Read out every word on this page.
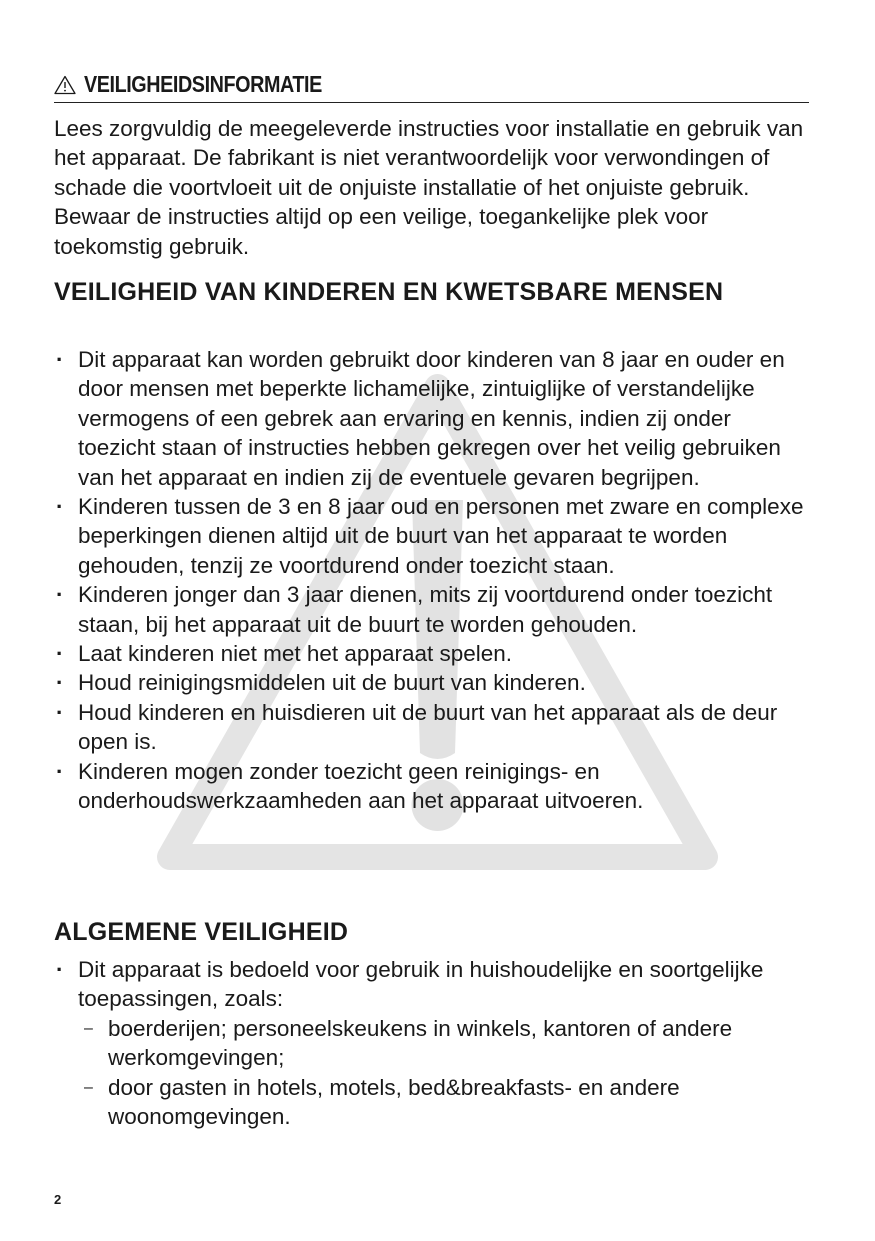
VEILIGHEIDSINFORMATIE

Lees zorgvuldig de meegeleverde instructies voor installatie en gebruik van het apparaat. De fabrikant is niet verantwoordelijk voor verwondingen of schade die voortvloeit uit de onjuiste installatie of het onjuiste gebruik. Bewaar de instructies altijd op een veilige, toegankelijke plek voor toekomstig gebruik.

VEILIGHEID VAN KINDEREN EN KWETSBARE MENSEN
· Dit apparaat kan worden gebruikt door kinderen van 8 jaar en ouder en door mensen met beperkte lichamelijke, zintuiglijke of verstandelijke vermogens of een gebrek aan ervaring en kennis, indien zij onder toezicht staan of instructies hebben gekregen over het veilig gebruiken van het apparaat en indien zij de eventuele gevaren begrijpen.
· Kinderen tussen de 3 en 8 jaar oud en personen met zware en complexe beperkingen dienen altijd uit de buurt van het apparaat te worden gehouden, tenzij ze voortdurend onder toezicht staan.
· Kinderen jonger dan 3 jaar dienen, mits zij voortdurend onder toezicht staan, bij het apparaat uit de buurt te worden gehouden.
· Laat kinderen niet met het apparaat spelen.
· Houd reinigingsmiddelen uit de buurt van kinderen.
· Houd kinderen en huisdieren uit de buurt van het apparaat als de deur open is.
· Kinderen mogen zonder toezicht geen reinigings- en onderhoudswerkzaamheden aan het apparaat uitvoeren.
ALGEMENE VEILIGHEID
· Dit apparaat is bedoeld voor gebruik in huishoudelijke en soortgelijke toepassingen, zoals:
– boerderijen; personeelskeukens in winkels, kantoren of andere werkomgevingen;
– door gasten in hotels, motels, bed&breakfasts- en andere woonomgevingen.
2
